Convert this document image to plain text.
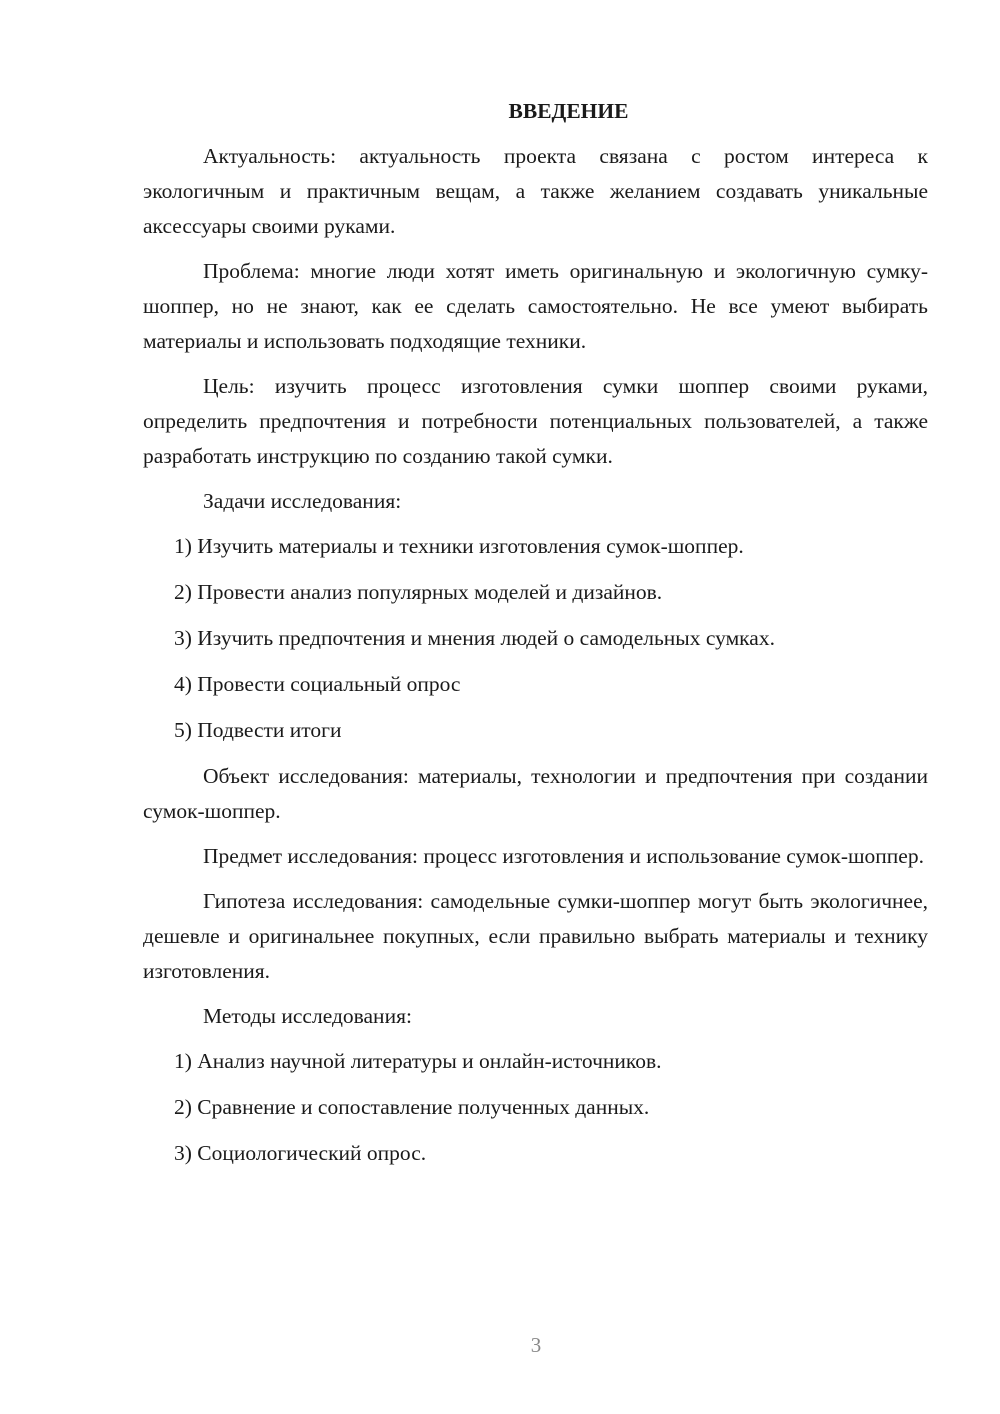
ВВЕДЕНИЕ
Актуальность: актуальность проекта связана с ростом интереса к экологичным и практичным вещам, а также желанием создавать уникальные аксессуары своими руками.
Проблема: многие люди хотят иметь оригинальную и экологичную сумку-шоппер, но не знают, как ее сделать самостоятельно. Не все умеют выбирать материалы и использовать подходящие техники.
Цель: изучить процесс изготовления сумки шоппер своими руками, определить предпочтения и потребности потенциальных пользователей, а также разработать инструкцию по созданию такой сумки.
Задачи исследования:
1) Изучить материалы и техники изготовления сумок-шоппер.
2) Провести анализ популярных моделей и дизайнов.
3) Изучить предпочтения и мнения людей о самодельных сумках.
4) Провести социальный опрос
5) Подвести итоги
Объект исследования: материалы, технологии и предпочтения при создании сумок-шоппер.
Предмет исследования: процесс изготовления и использование сумок-шоппер.
Гипотеза исследования: самодельные сумки-шоппер могут быть экологичнее, дешевле и оригинальнее покупных, если правильно выбрать материалы и технику изготовления.
Методы исследования:
1) Анализ научной литературы и онлайн-источников.
2) Сравнение и сопоставление полученных данных.
3) Социологический опрос.
3
